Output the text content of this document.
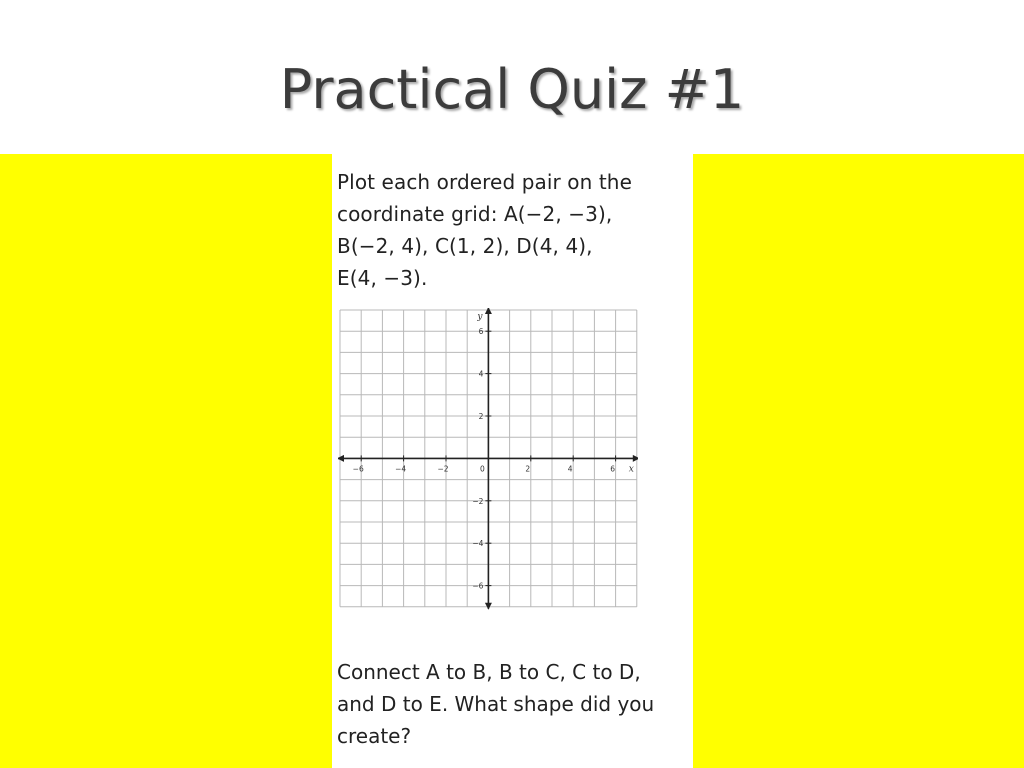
Practical Quiz #1
Plot each ordered pair on the
coordinate grid: A(−2, −3),
B(−2, 4), C(1, 2), D(4, 4),
E(4, −3).
−6	−4	−2	0	2	4	6
6
4
2
−2
−4
−6
x
y
Connect A to B, B to C, C to D,
and D to E. What shape did you
create?
